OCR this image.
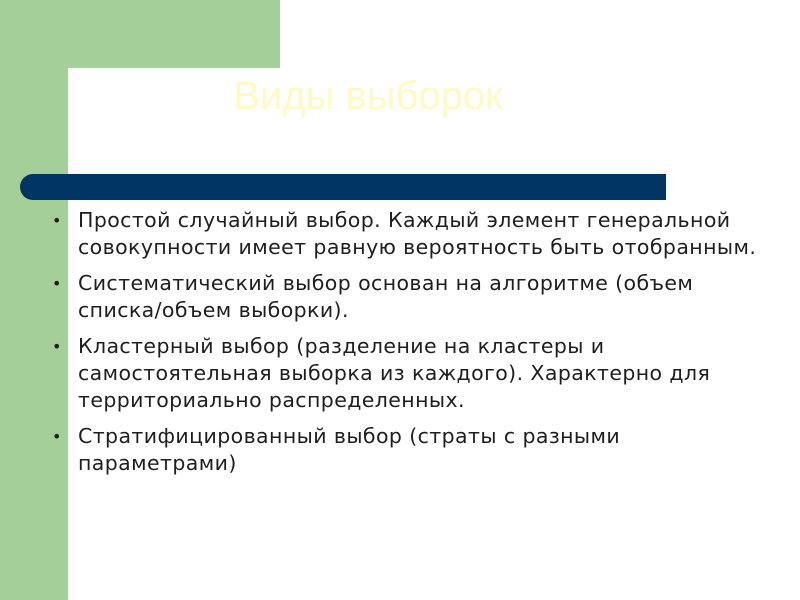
Виды выборок
• Простой случайный выбор. Каждый элемент генеральной совокупности имеет равную вероятность быть отобранным.
• Систематический выбор основан на алгоритме (объем списка/объем выборки).
• Кластерный выбор (разделение на кластеры и самостоятельная выборка из каждого). Характерно для территориально распределенных.
• Стратифицированный выбор (страты с разными параметрами)
